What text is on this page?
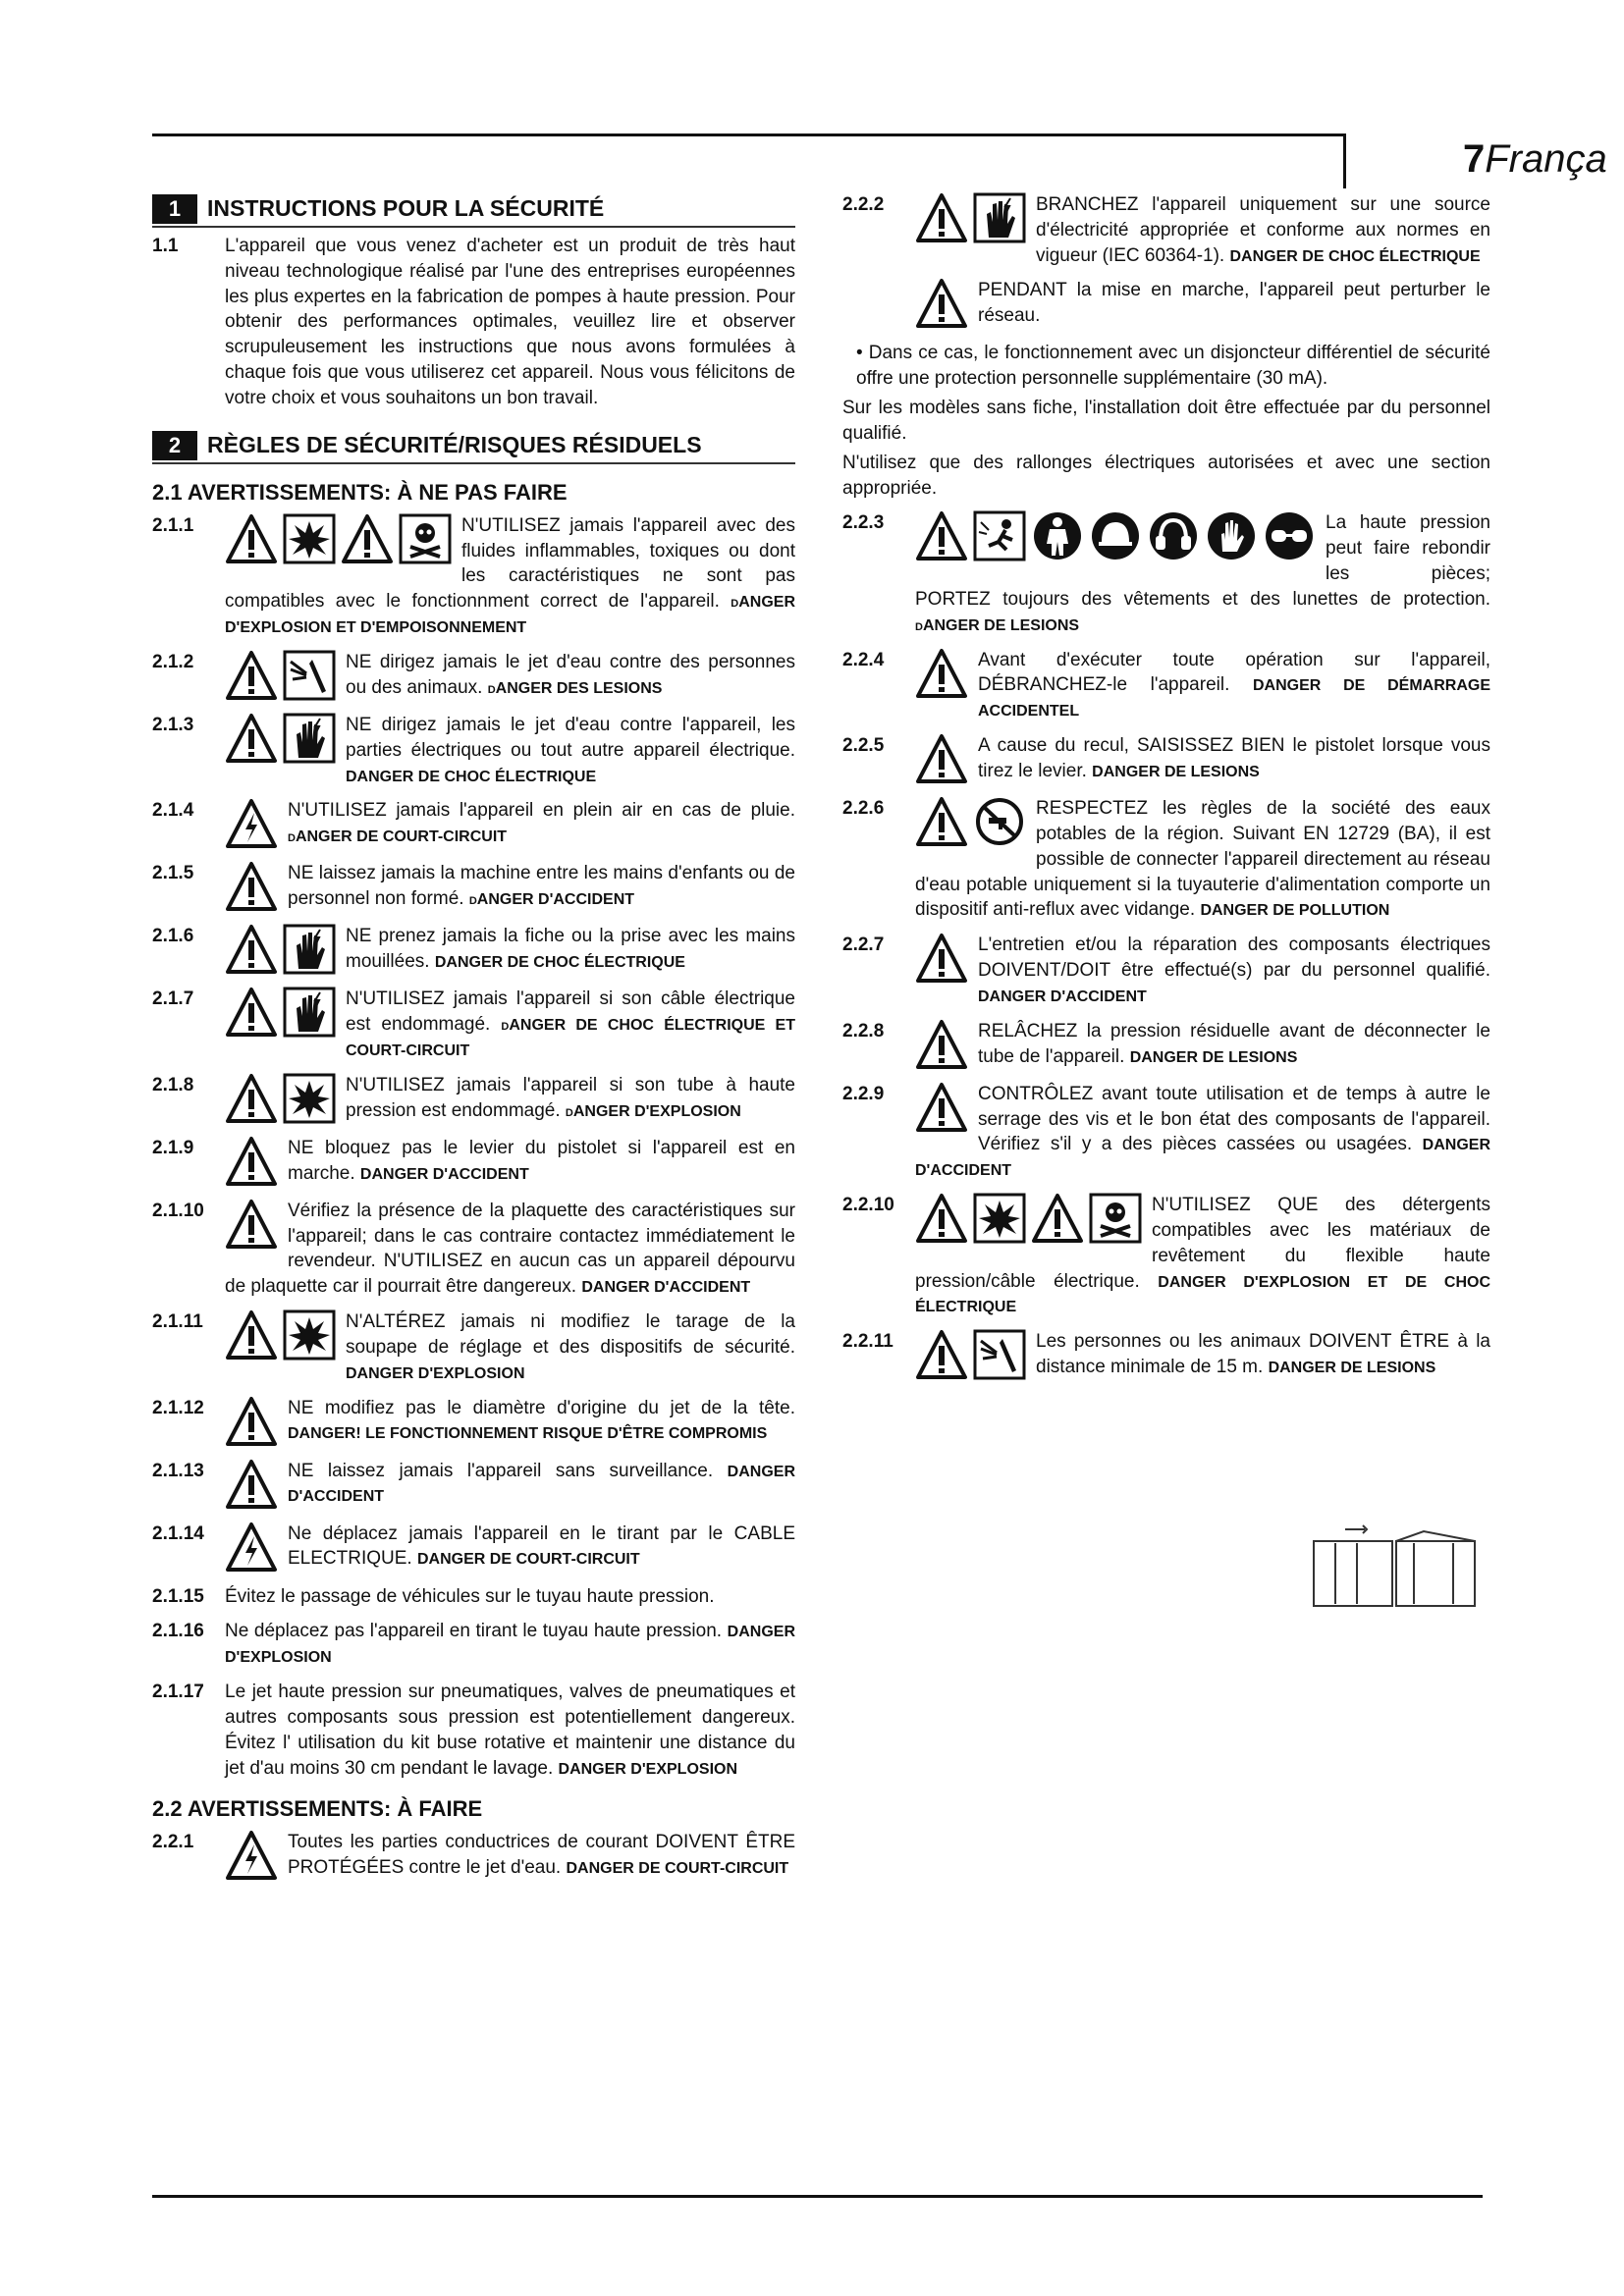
7França
1	INSTRUCTIONS POUR LA SÉCURITÉ
1.1	L'appareil que vous venez d'acheter est un produit de très haut niveau technologique réalisé par l'une des entreprises européennes les plus expertes en la fabrication de pompes à haute pression. Pour obtenir des performances optimales, veuillez lire et observer scrupuleusement les instructions que nous avons formulées à chaque fois que vous utiliserez cet appareil. Nous vous félicitons de votre choix et vous souhaitons un bon travail.
2	RÈGLES DE SÉCURITÉ/RISQUES RÉSIDUELS
2.1 AVERTISSEMENTS: À NE PAS FAIRE
2.1.1	N'UTILISEZ jamais l'appareil avec des fluides inflammables, toxiques ou dont les caractéristiques ne sont pas compatibles avec le fonctionnment correct de l'appareil. dANGER D'EXPLOSION ET D'EMPOISONNEMENT
2.1.2	NE dirigez jamais le jet d'eau contre des personnes ou des animaux. dANGER DES LESIONS
2.1.3	NE dirigez jamais le jet d'eau contre l'appareil, les parties électriques ou tout autre appareil électrique. DANGER DE CHOC ÉLECTRIQUE
2.1.4	N'UTILISEZ jamais l'appareil en plein air en cas de pluie. dANGER DE COURT-CIRCUIT
2.1.5	NE laissez jamais la machine entre les mains d'enfants ou de personnel non formé. dANGER D'ACCIDENT
2.1.6	NE prenez jamais la fiche ou la prise avec les mains mouillées. DANGER DE CHOC ÉLECTRIQUE
2.1.7	N'UTILISEZ jamais l'appareil si son câble électrique est endommagé. dANGER DE CHOC ÉLECTRIQUE ET COURT-CIRCUIT
2.1.8	N'UTILISEZ jamais l'appareil si son tube à haute pression est endommagé. dANGER D'EXPLOSION
2.1.9	NE bloquez pas le levier du pistolet si l'appareil est en marche. DANGER D'ACCIDENT
2.1.10	Vérifiez la présence de la plaquette des caractéristiques sur l'appareil; dans le cas contraire contactez immédiatement le revendeur. N'UTILISEZ en aucun cas un appareil dépourvu de plaquette car il pourrait être dangereux. DANGER D'ACCIDENT
2.1.11	N'ALTÉREZ jamais ni modifiez le tarage de la soupape de réglage et des dispositifs de sécurité. DANGER D'EXPLOSION
2.1.12	NE modifiez pas le diamètre d'origine du jet de la tête. DANGER! LE FONCTIONNEMENT RISQUE D'ÊTRE COMPROMIS
2.1.13	NE laissez jamais l'appareil sans surveillance. DANGER D'ACCIDENT
2.1.14	Ne déplacez jamais l'appareil en le tirant par le CABLE ELECTRIQUE. DANGER DE COURT-CIRCUIT
2.1.15	Évitez le passage de véhicules sur le tuyau haute pression.
2.1.16	Ne déplacez pas l'appareil en tirant le tuyau haute pression. DANGER D'EXPLOSION
2.1.17	Le jet haute pression sur pneumatiques, valves de pneumatiques et autres composants sous pression est potentiellement dangereux. Évitez l' utilisation du kit buse rotative et maintenir une distance du jet d'au moins 30 cm pendant le lavage. DANGER D'EXPLOSION
2.2 AVERTISSEMENTS: À FAIRE
2.2.1	Toutes les parties conductrices de courant DOIVENT ÊTRE PROTÉGÉES contre le jet d'eau. DANGER DE COURT-CIRCUIT
2.2.2	BRANCHEZ l'appareil uniquement sur une source d'électricité appropriée et conforme aux normes en vigueur (IEC 60364-1). DANGER DE CHOC ÉLECTRIQUE
PENDANT la mise en marche, l'appareil peut perturber le réseau.
• Dans ce cas, le fonctionnement avec un disjoncteur différentiel de sécurité offre une protection personnelle supplémentaire (30 mA).
Sur les modèles sans fiche, l'installation doit être effectuée par du personnel qualifié.
N'utilisez que des rallonges électriques autorisées et avec une section appropriée.
2.2.3	La haute pression peut faire rebondir les pièces; PORTEZ toujours des vêtements et des lunettes de protection. dANGER DE LESIONS
2.2.4	Avant d'exécuter toute opération sur l'appareil, DÉBRANCHEZ-le l'appareil. DANGER DE DÉMARRAGE ACCIDENTEL
2.2.5	A cause du recul, SAISISSEZ BIEN le pistolet lorsque vous tirez le levier. DANGER DE LESIONS
2.2.6	RESPECTEZ les règles de la société des eaux potables de la région. Suivant EN 12729 (BA), il est possible de connecter l'appareil directement au réseau d'eau potable uniquement si la tuyauterie d'alimentation comporte un dispositif anti-reflux avec vidange. DANGER DE POLLUTION
2.2.7	L'entretien et/ou la réparation des composants électriques DOIVENT/DOIT être effectué(s) par du personnel qualifié. DANGER D'ACCIDENT
2.2.8	RELÂCHEZ la pression résiduelle avant de déconnecter le tube de l'appareil. DANGER DE LESIONS
2.2.9	CONTRÔLEZ avant toute utilisation et de temps à autre le serrage des vis et le bon état des composants de l'appareil. Vérifiez s'il y a des pièces cassées ou usagées. DANGER D'ACCIDENT
2.2.10	N'UTILISEZ QUE des détergents compatibles avec les matériaux de revêtement du flexible haute pression/câble électrique. DANGER D'EXPLOSION ET DE CHOC ÉLECTRIQUE
2.2.11	Les personnes ou les animaux DOIVENT ÊTRE à la distance minimale de 15 m. DANGER DE LESIONS
